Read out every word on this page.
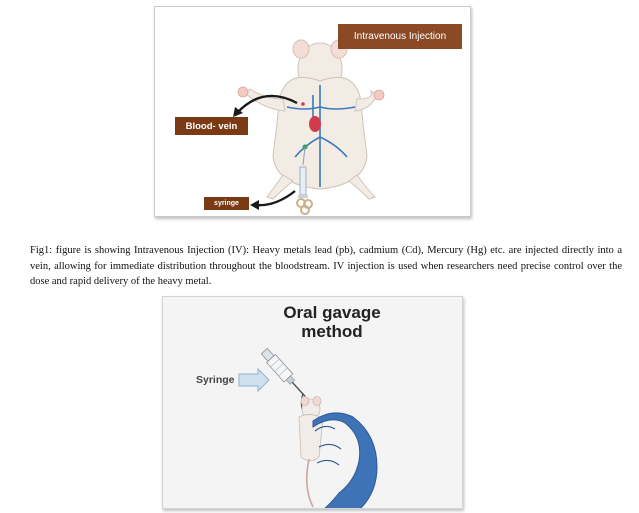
Intravenous Injection
Blood- vein
syringe
Fig1: figure is showing Intravenous Injection (IV): Heavy metals lead (pb), cadmium (Cd), Mercury (Hg) etc. are injected directly into a vein, allowing for immediate distribution throughout the bloodstream. IV injection is used when researchers need precise control over the dose and rapid delivery of the heavy metal.
Oral gavage method
Syringe
